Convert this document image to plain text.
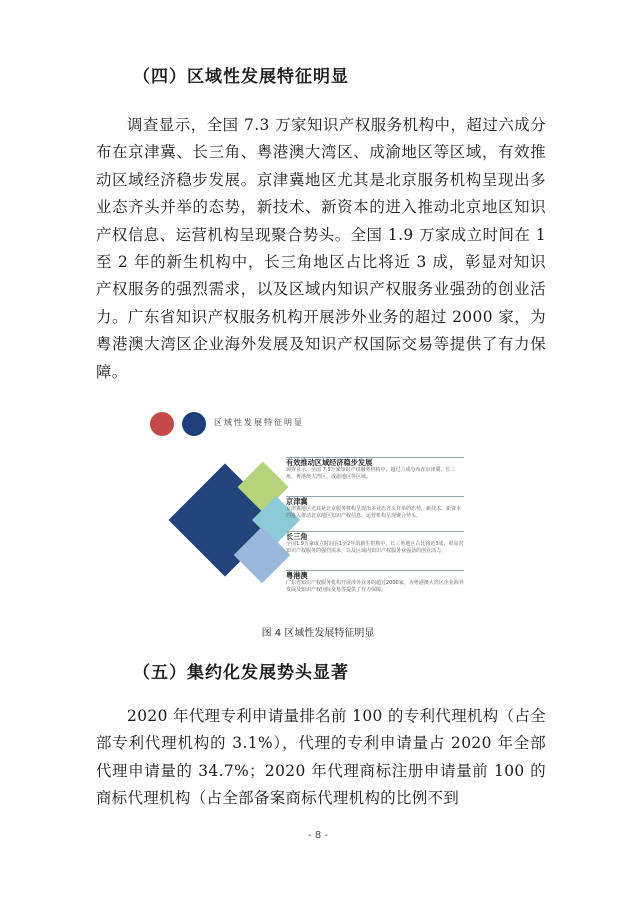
（四）区域性发展特征明显
调查显示，全国 7.3 万家知识产权服务机构中，超过六成分布在京津冀、长三角、粤港澳大湾区、成渝地区等区域，有效推动区域经济稳步发展。京津冀地区尤其是北京服务机构呈现出多业态齐头并举的态势，新技术、新资本的进入推动北京地区知识产权信息、运营机构呈现聚合势头。全国 1.9 万家成立时间在 1 至 2 年的新生机构中，长三角地区占比将近 3 成，彰显对知识产权服务的强烈需求，以及区域内知识产权服务业强劲的创业活力。广东省知识产权服务机构开展涉外业务的超过 2000 家，为粤港澳大湾区企业海外发展及知识产权国际交易等提供了有力保障。
区域性发展特征明显
有效推动区域经济稳步发展
调查显示，全国 7.3万家知识产权服务机构中，超过六成分布在京津冀、长三角、粤港澳大湾区、成渝地区等区域。
京津冀
京津冀地区尤其是北京服务机构呈现出多业态齐头并举的态势，新技术、新资本的进入推动北京地区知识产权信息、运营机构呈现聚合势头。
长三角
全国1.9万家成立时间在1至2年的新生机构中，长三角地区占比将近3成，彰显对知识产权服务的强烈需求，以及区域内知识产权服务业强劲的创业活力。
粤港澳
广东省知识产权服务机构开展涉外业务的超过2000家，为粤港澳大湾区企业海外发展及知识产权国际交易等提供了有力保障。
图 4 区域性发展特征明显
（五）集约化发展势头显著
2020 年代理专利申请量排名前 100 的专利代理机构（占全部专利代理机构的 3.1%），代理的专利申请量占 2020 年全部代理申请量的 34.7%；2020 年代理商标注册申请量前 100 的商标代理机构（占全部备案商标代理机构的比例不到
- 8 -
